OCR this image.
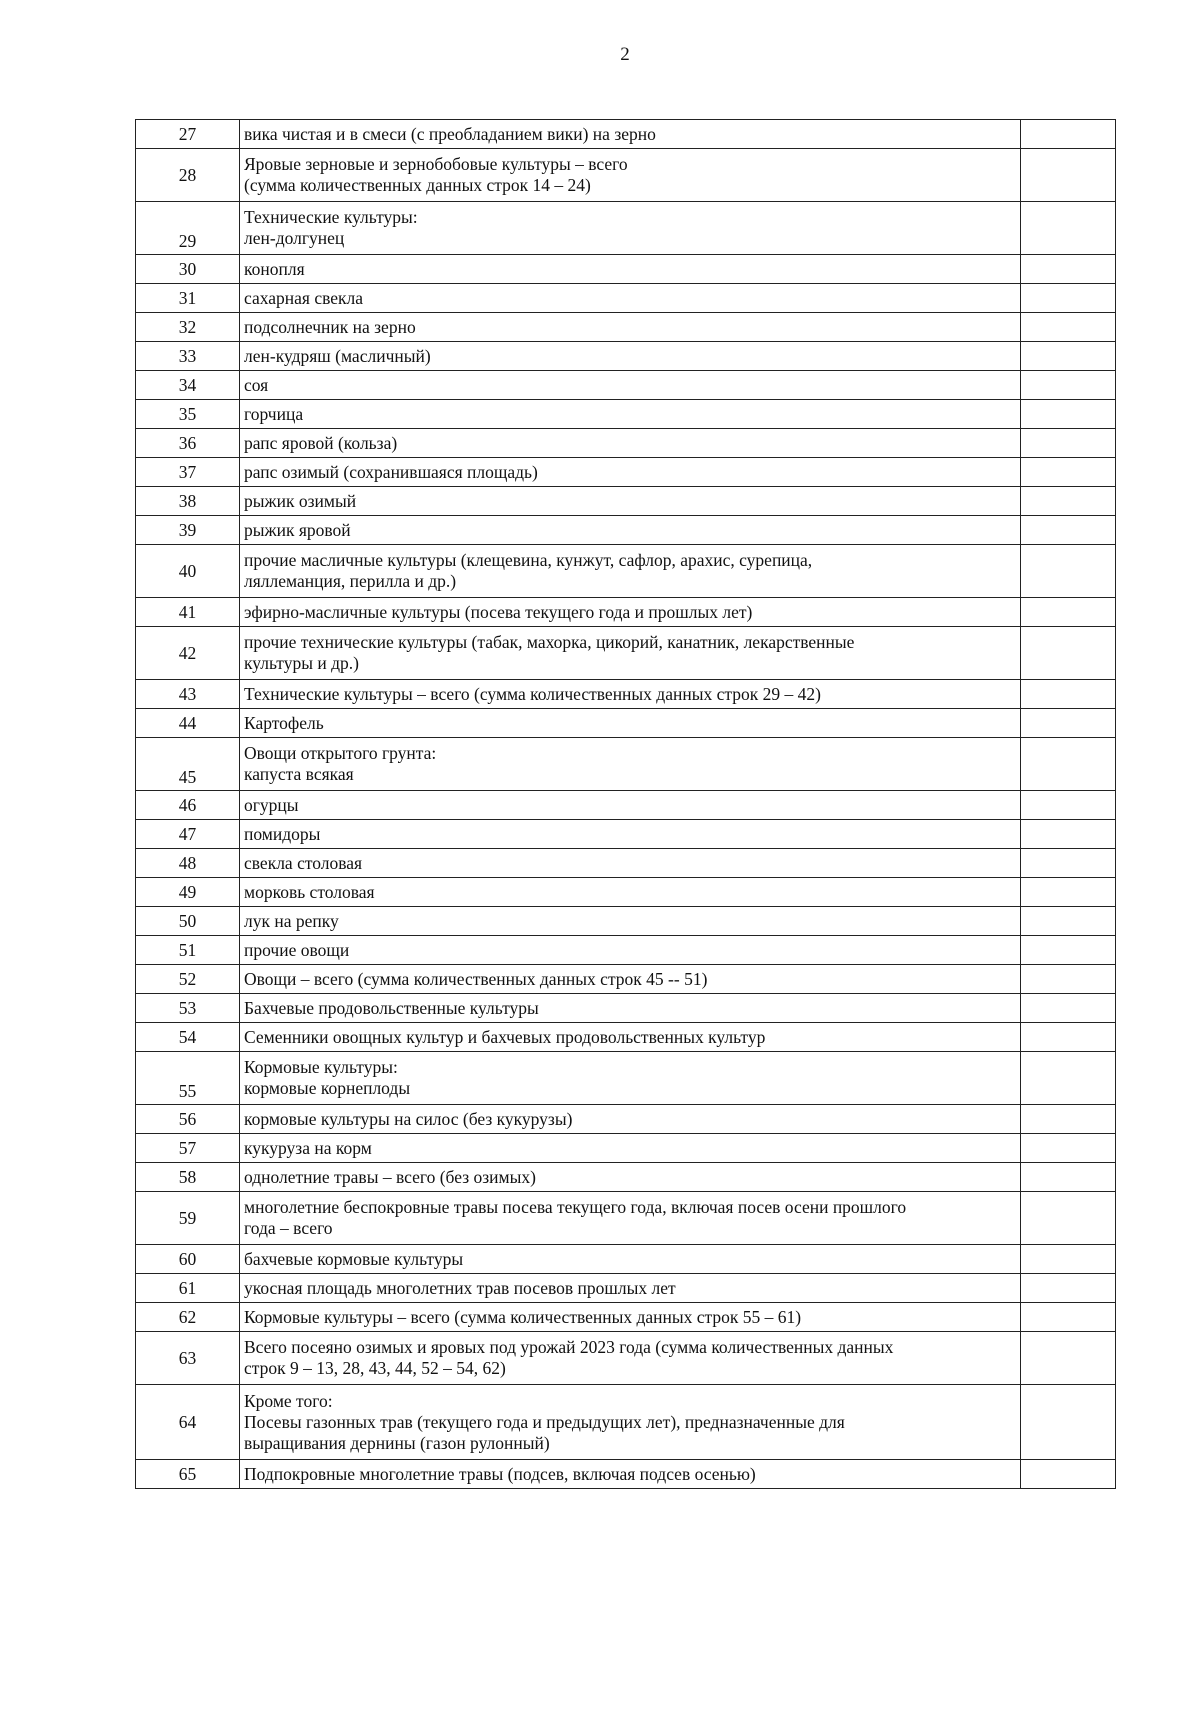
2
27	вика чистая и в смеси (с преобладанием вики) на зерно	
28	Яровые зерновые и зернобобовые культуры – всего
(сумма количественных данных строк 14 – 24)	
29	Технические культуры:
лен-долгунец	
30	конопля	
31	сахарная свекла	
32	подсолнечник на зерно	
33	лен-кудряш (масличный)	
34	соя	
35	горчица	
36	рапс яровой (кольза)	
37	рапс озимый (сохранившаяся площадь)	
38	рыжик озимый	
39	рыжик яровой	
40	прочие масличные культуры (клещевина, кунжут, сафлор, арахис, сурепица,
ляллеманция, перилла и др.)	
41	эфирно-масличные культуры (посева текущего года и прошлых лет)	
42	прочие технические культуры (табак, махорка, цикорий, канатник, лекарственные
культуры и др.)	
43	Технические культуры – всего (сумма количественных данных строк 29 – 42)	
44	Картофель	
45	Овощи открытого грунта:
капуста всякая	
46	огурцы	
47	помидоры	
48	свекла столовая	
49	морковь столовая	
50	лук на репку	
51	прочие овощи	
52	Овощи – всего (сумма количественных данных строк 45 -- 51)	
53	Бахчевые продовольственные культуры	
54	Семенники овощных культур и бахчевых продовольственных культур	
55	Кормовые культуры:
кормовые корнеплоды	
56	кормовые культуры на силос (без кукурузы)	
57	кукуруза на корм	
58	однолетние травы – всего (без озимых)	
59	многолетние беспокровные травы посева текущего года, включая посев осени прошлого
года – всего	
60	бахчевые кормовые культуры	
61	укосная площадь многолетних трав посевов прошлых лет	
62	Кормовые культуры – всего (сумма количественных данных строк 55 – 61)	
63	Всего посеяно озимых и яровых под урожай 2023 года (сумма количественных данных
строк 9 – 13, 28, 43, 44, 52 – 54, 62)	
64	Кроме того:
Посевы газонных трав (текущего года и предыдущих лет), предназначенные для
выращивания дернины (газон рулонный)	
65	Подпокровные многолетние травы (подсев, включая подсев осенью)	
